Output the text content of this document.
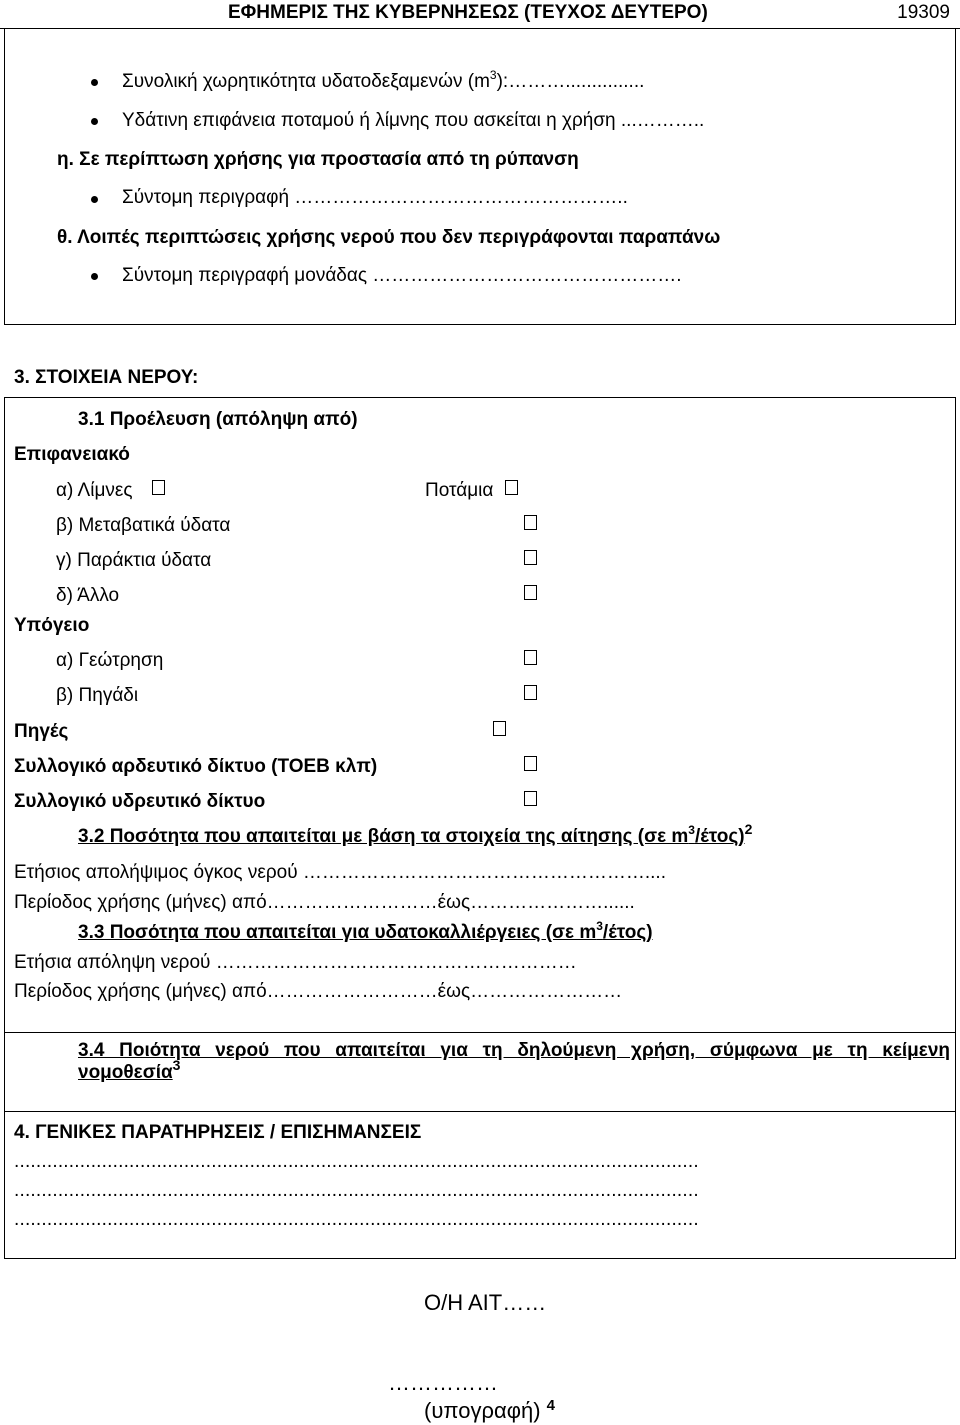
ΕΦΗΜΕΡΙΣ ΤΗΣ ΚΥΒΕΡΝΗΣΕΩΣ (ΤΕΥΧΟΣ ΔΕΥΤΕΡΟ)	19309
Συνολική χωρητικότητα υδατοδεξαμενών $(m^3):\dots\dots\dots$...............
Υδάτινη επιφάνεια ποταμού ή λίμνης που ασκείται η χρήση ...………..
η. Σε περίπτωση χρήσης για προστασία από τη ρύπανση
Σύντομη περιγραφή ……………………………………………..
θ. Λοιπές περιπτώσεις χρήσης νερού που δεν περιγράφονται παραπάνω
Σύντομη περιγραφή μονάδας ………………………………………….
3. ΣΤΟΙΧΕΙΑ ΝΕΡΟΥ:
3.1 Προέλευση (απόληψη από)
Επιφανειακό
α) Λίμνες	Ποτάμια
β) Μεταβατικά ύδατα
γ) Παράκτια ύδατα
δ) Άλλο
Υπόγειο
α) Γεώτρηση
β) Πηγάδι
Πηγές
Συλλογικό αρδευτικό δίκτυο (ΤΟΕΒ κλπ)
Συλλογικό υδρευτικό δίκτυο
3.2 Ποσότητα που απαιτείται με βάση τα στοιχεία της αίτησης (σε $m^3/έ\tau o\varsigma)^2$
Ετήσιος απολήψιμος όγκος νερού ………………………………………………....
Περίοδος χρήσης (μήνες) από………………………έως…………………......
3.3 Ποσότητα που απαιτείται για υδατοκαλλιέργειες (σε $m^3/έ\tau o\varsigma$)
Ετήσια απόληψη νερού …………………………………………………
Περίοδος χρήσης (μήνες) από………………………έως……………………
3.4 Ποιότητα νερού που απαιτείται για τη δηλούμενη χρήση, σύμφωνα με τη κείμενη
νομοθεσία$^3$
4. ΓΕΝΙΚΕΣ ΠΑΡΑΤΗΡΗΣΕΙΣ / ΕΠΙΣΗΜΑΝΣΕΙΣ
.............................................................................................................................
.............................................................................................................................
.............................................................................................................................
Ο/Η ΑΙΤ……
……………
(υπογραφή) $^4$
